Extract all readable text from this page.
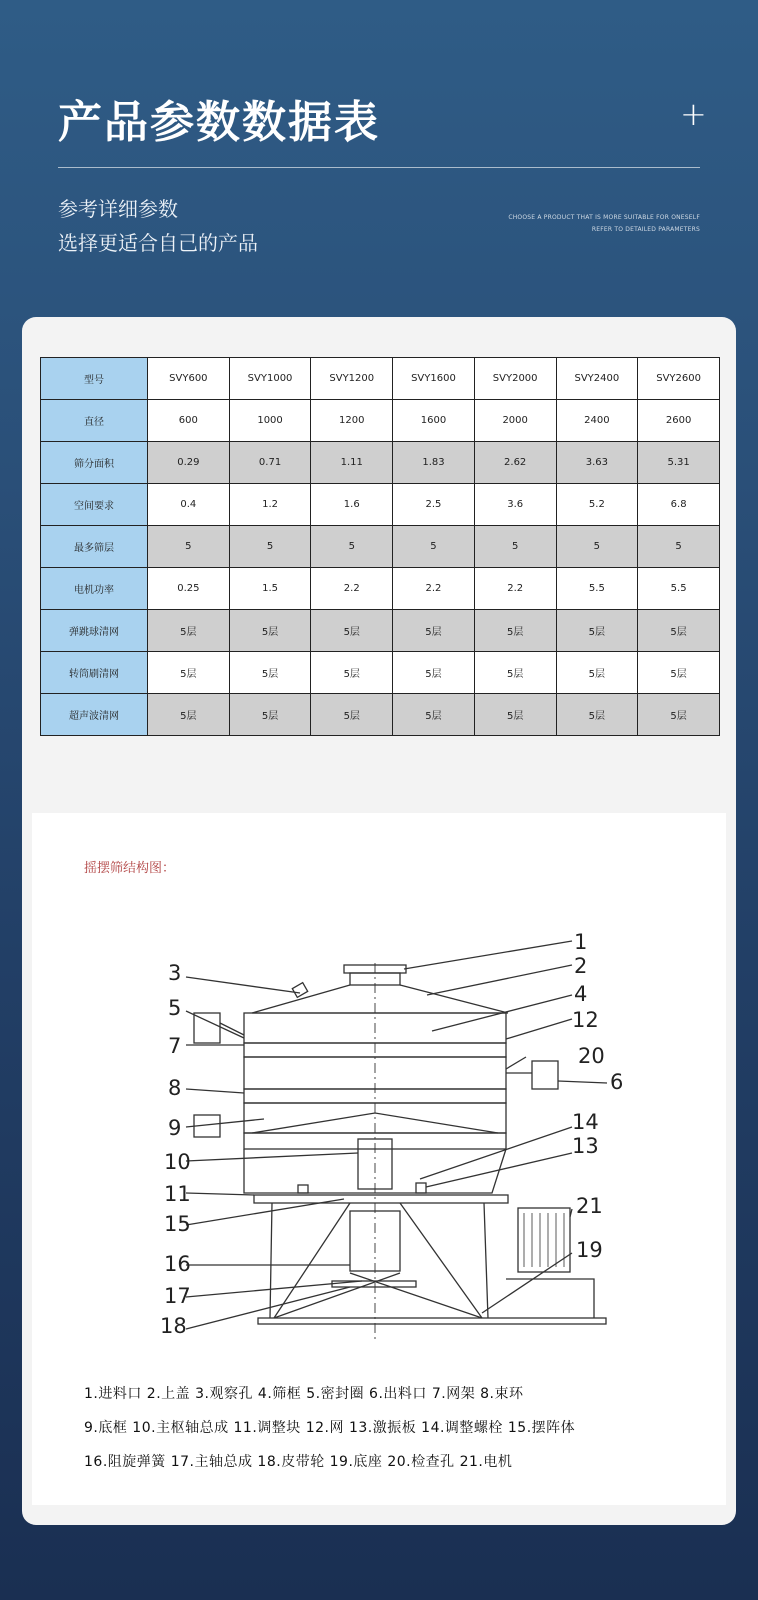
产品参数数据表	+
参考详细参数
选择更适合自己的产品
CHOOSE A PRODUCT THAT IS MORE SUITABLE FOR ONESELF
REFER TO DETAILED PARAMETERS
型号	SVY600	SVY1000	SVY1200	SVY1600	SVY2000	SVY2400	SVY2600
直径	600	1000	1200	1600	2000	2400	2600
筛分面积	0.29	0.71	1.11	1.83	2.62	3.63	5.31
空间要求	0.4	1.2	1.6	2.5	3.6	5.2	6.8
最多筛层	5	5	5	5	5	5	5
电机功率	0.25	1.5	2.2	2.2	2.2	5.5	5.5
弹跳球清网	5层	5层	5层	5层	5层	5层	5层
转筒刷清网	5层	5层	5层	5层	5层	5层	5层
超声波清网	5层	5层	5层	5层	5层	5层	5层
摇摆筛结构图：
1
2
3
4
5
6
7
8
9
10
11
12
13
14
15
16
17
18
19
20
21
1.进料口 2.上盖 3.观察孔 4.筛框 5.密封圈 6.出料口 7.网架 8.束环
9.底框 10.主枢轴总成 11.调整块 12.网 13.激振板 14.调整螺栓 15.摆阵体
16.阻旋弹簧 17.主轴总成 18.皮带轮 19.底座 20.检查孔 21.电机
